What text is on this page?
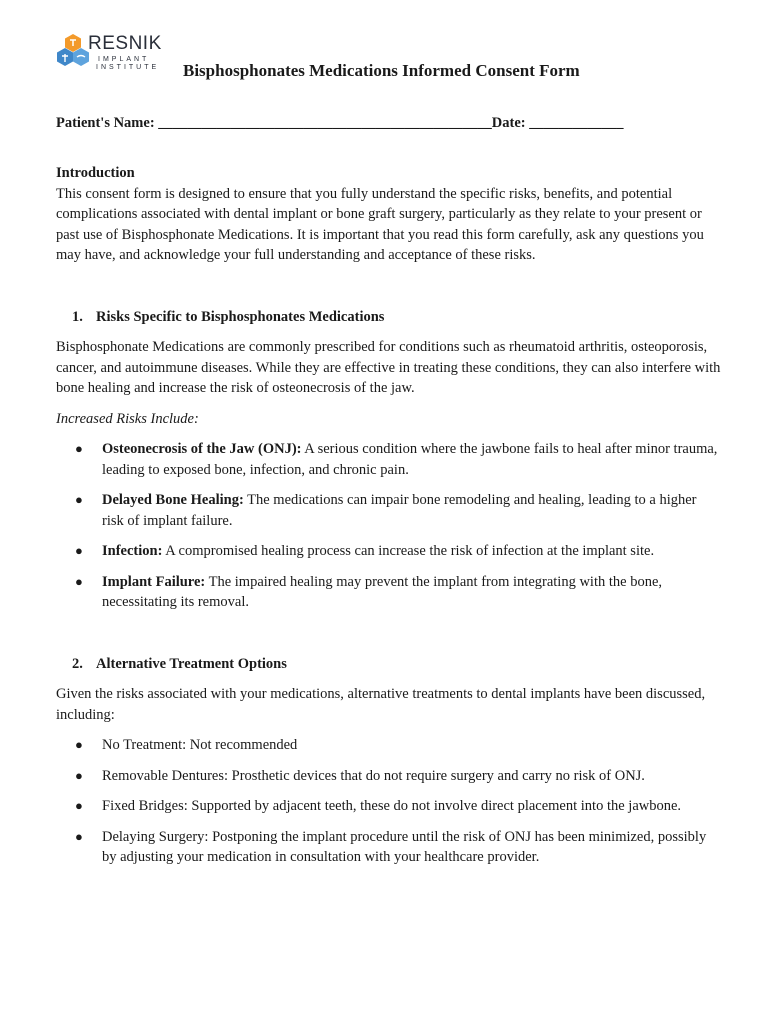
RESNIK
IMPLANT
INSTITUTE Bisphosphonates Medications Informed Consent Form
Patient's Name: ______________________________________________Date: _____________

Introduction

This consent form is designed to ensure that you fully understand the specific risks, benefits, and potential complications associated with dental implant or bone graft surgery, particularly as they relate to your present or past use of Bisphosphonate Medications. It is important that you read this form carefully, ask any questions you may have, and acknowledge your full understanding and acceptance of these risks.

1. Risks Specific to Bisphosphonates Medications

Bisphosphonate Medications are commonly prescribed for conditions such as rheumatoid arthritis, osteoporosis, cancer, and autoimmune diseases. While they are effective in treating these conditions, they can also interfere with bone healing and increase the risk of osteonecrosis of the jaw.

Increased Risks Include:

● Osteonecrosis of the Jaw (ONJ): A serious condition where the jawbone fails to heal after minor trauma, leading to exposed bone, infection, and chronic pain.
● Delayed Bone Healing: The medications can impair bone remodeling and healing, leading to a higher risk of implant failure.
● Infection: A compromised healing process can increase the risk of infection at the implant site.
● Implant Failure: The impaired healing may prevent the implant from integrating with the bone, necessitating its removal.

2. Alternative Treatment Options

Given the risks associated with your medications, alternative treatments to dental implants have been discussed, including:

● No Treatment: Not recommended
● Removable Dentures: Prosthetic devices that do not require surgery and carry no risk of ONJ.
● Fixed Bridges: Supported by adjacent teeth, these do not involve direct placement into the jawbone.
● Delaying Surgery: Postponing the implant procedure until the risk of ONJ has been minimized, possibly by adjusting your medication in consultation with your healthcare provider.
